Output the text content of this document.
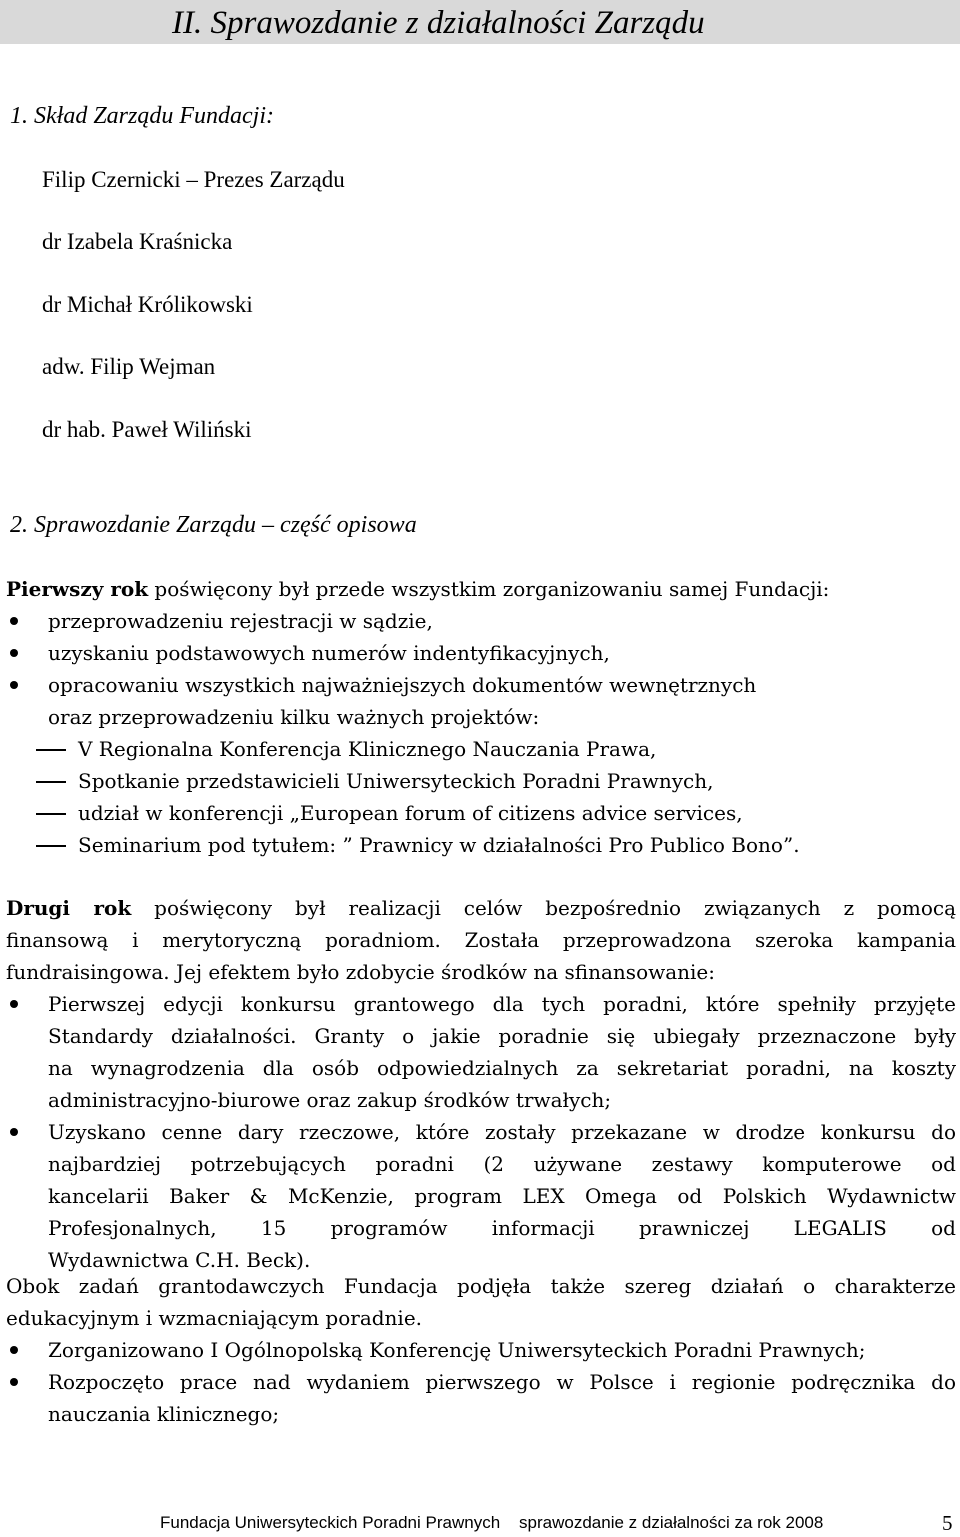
II. Sprawozdanie z działalności Zarządu
1. Skład Zarządu Fundacji:
Filip Czernicki – Prezes Zarządu
dr Izabela Kraśnicka
dr Michał Królikowski
adw. Filip Wejman
dr hab. Paweł Wiliński
2. Sprawozdanie Zarządu – część opisowa
Pierwszy rok poświęcony był przede wszystkim zorganizowaniu samej Fundacji:
przeprowadzeniu rejestracji w sądzie,
uzyskaniu podstawowych numerów indentyfikacyjnych,
opracowaniu wszystkich najważniejszych dokumentów wewnętrznych
oraz przeprowadzeniu kilku ważnych projektów:
V Regionalna Konferencja Klinicznego Nauczania Prawa,
Spotkanie przedstawicieli Uniwersyteckich Poradni Prawnych,
udział w konferencji „European forum of citizens advice services,
Seminarium pod tytułem: ” Prawnicy w działalności Pro Publico Bono”.
Drugi rok poświęcony był realizacji celów bezpośrednio związanych z pomocą
finansową i merytoryczną poradniom. Została przeprowadzona szeroka kampania
fundraisingowa. Jej efektem było zdobycie środków na sfinansowanie:
Pierwszej edycji konkursu grantowego dla tych poradni, które spełniły przyjęte
Standardy działalności. Granty o jakie poradnie się ubiegały przeznaczone były
na wynagrodzenia dla osób odpowiedzialnych za sekretariat poradni, na koszty
administracyjno-biurowe oraz zakup środków trwałych;
Uzyskano cenne dary rzeczowe, które zostały przekazane w drodze konkursu do
najbardziej potrzebujących poradni (2 używane zestawy komputerowe od
kancelarii Baker & McKenzie, program LEX Omega od Polskich Wydawnictw
Profesjonalnych, 15 programów informacji prawniczej LEGALIS od
Wydawnictwa C.H. Beck).
Obok zadań grantodawczych Fundacja podjęła także szereg działań o charakterze
edukacyjnym i wzmacniającym poradnie.
Zorganizowano I Ogólnopolską Konferencję Uniwersyteckich Poradni Prawnych;
Rozpoczęto prace nad wydaniem pierwszego w Polsce i regionie podręcznika do
nauczania klinicznego;
Fundacja Uniwersyteckich Poradni Prawnych    sprawozdanie z działalności za rok 2008	5
